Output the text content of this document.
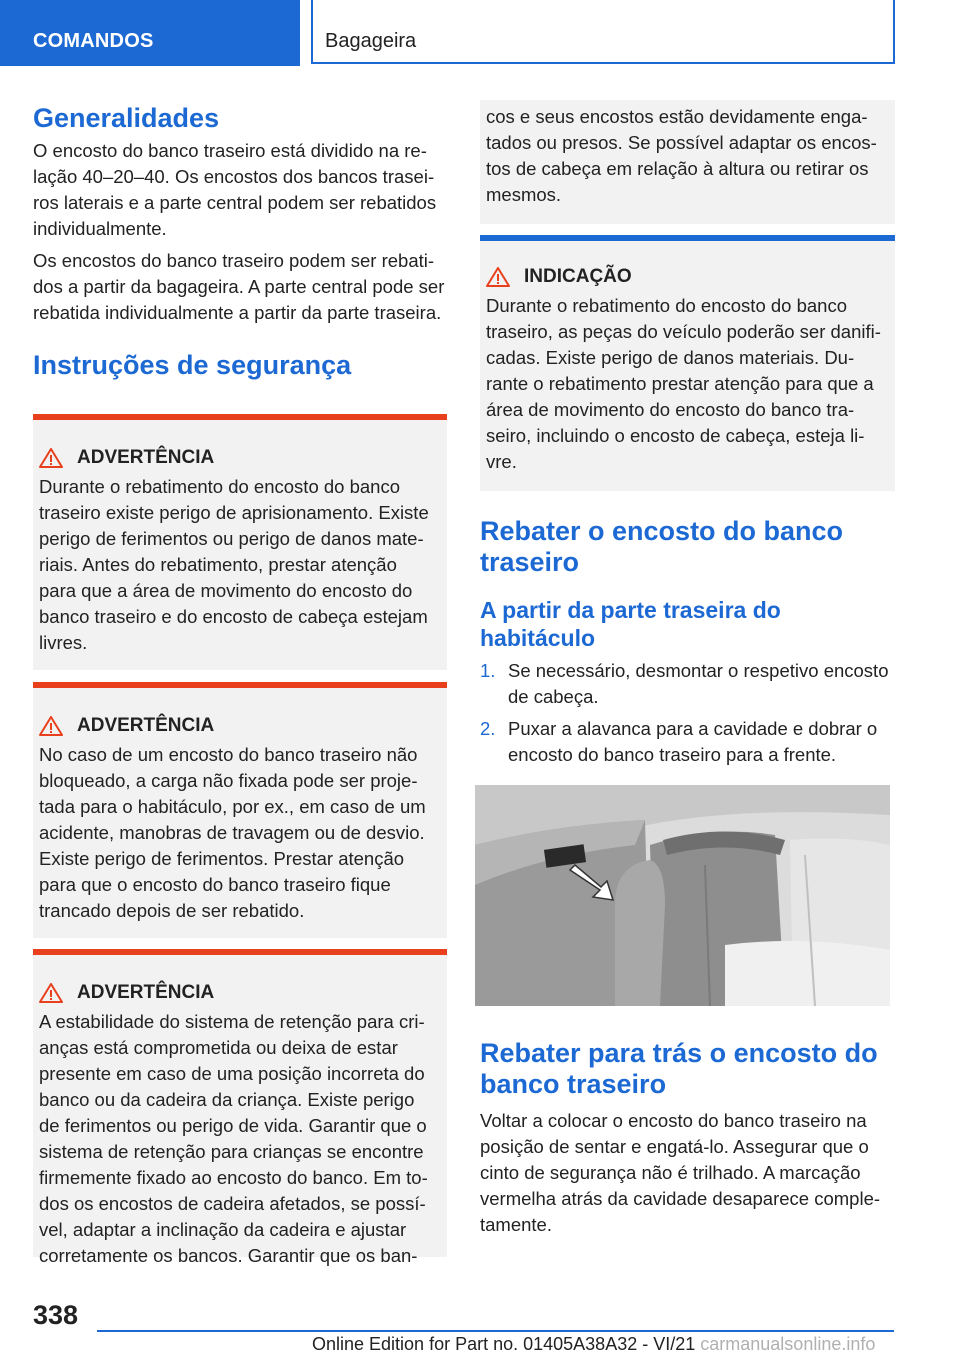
COMANDOS	Bagageira
Generalidades

O encosto do banco traseiro está dividido na relação 40–20–40. Os encostos dos bancos traseiros laterais e a parte central podem ser rebatidos individualmente.

Os encostos do banco traseiro podem ser rebatidos a partir da bagageira. A parte central pode ser rebatida individualmente a partir da parte traseira.

Instruções de segurança
ADVERTÊNCIA
Durante o rebatimento do encosto do banco traseiro existe perigo de aprisionamento. Existe perigo de ferimentos ou perigo de danos materiais. Antes do rebatimento, prestar atenção para que a área de movimento do encosto do banco traseiro e do encosto de cabeça estejam livres.
ADVERTÊNCIA
No caso de um encosto do banco traseiro não bloqueado, a carga não fixada pode ser projetada para o habitáculo, por ex., em caso de um acidente, manobras de travagem ou de desvio. Existe perigo de ferimentos. Prestar atenção para que o encosto do banco traseiro fique trancado depois de ser rebatido.
ADVERTÊNCIA
A estabilidade do sistema de retenção para crianças está comprometida ou deixa de estar presente em caso de uma posição incorreta do banco ou da cadeira da criança. Existe perigo de ferimentos ou perigo de vida. Garantir que o sistema de retenção para crianças se encontre firmemente fixado ao encosto do banco. Em todos os encostos de cadeira afetados, se possível, adaptar a inclinação da cadeira e ajustar corretamente os bancos. Garantir que os ban-
cos e seus encostos estão devidamente engatados ou presos. Se possível adaptar os encostos de cabeça em relação à altura ou retirar os mesmos.
INDICAÇÃO
Durante o rebatimento do encosto do banco traseiro, as peças do veículo poderão ser danificadas. Existe perigo de danos materiais. Durante o rebatimento prestar atenção para que a área de movimento do encosto do banco traseiro, incluindo o encosto de cabeça, esteja livre.
Rebater o encosto do banco traseiro
A partir da parte traseira do habitáculo
1. Se necessário, desmontar o respetivo encosto de cabeça.
2. Puxar a alavanca para a cavidade e dobrar o encosto do banco traseiro para a frente.
Rebater para trás o encosto do banco traseiro

Voltar a colocar o encosto do banco traseiro na posição de sentar e engatá-lo. Assegurar que o cinto de segurança não é trilhado. A marcação vermelha atrás da cavidade desaparece completamente.

338
Online Edition for Part no. 01405A38A32 - VI/21 carmanualsonline.info
